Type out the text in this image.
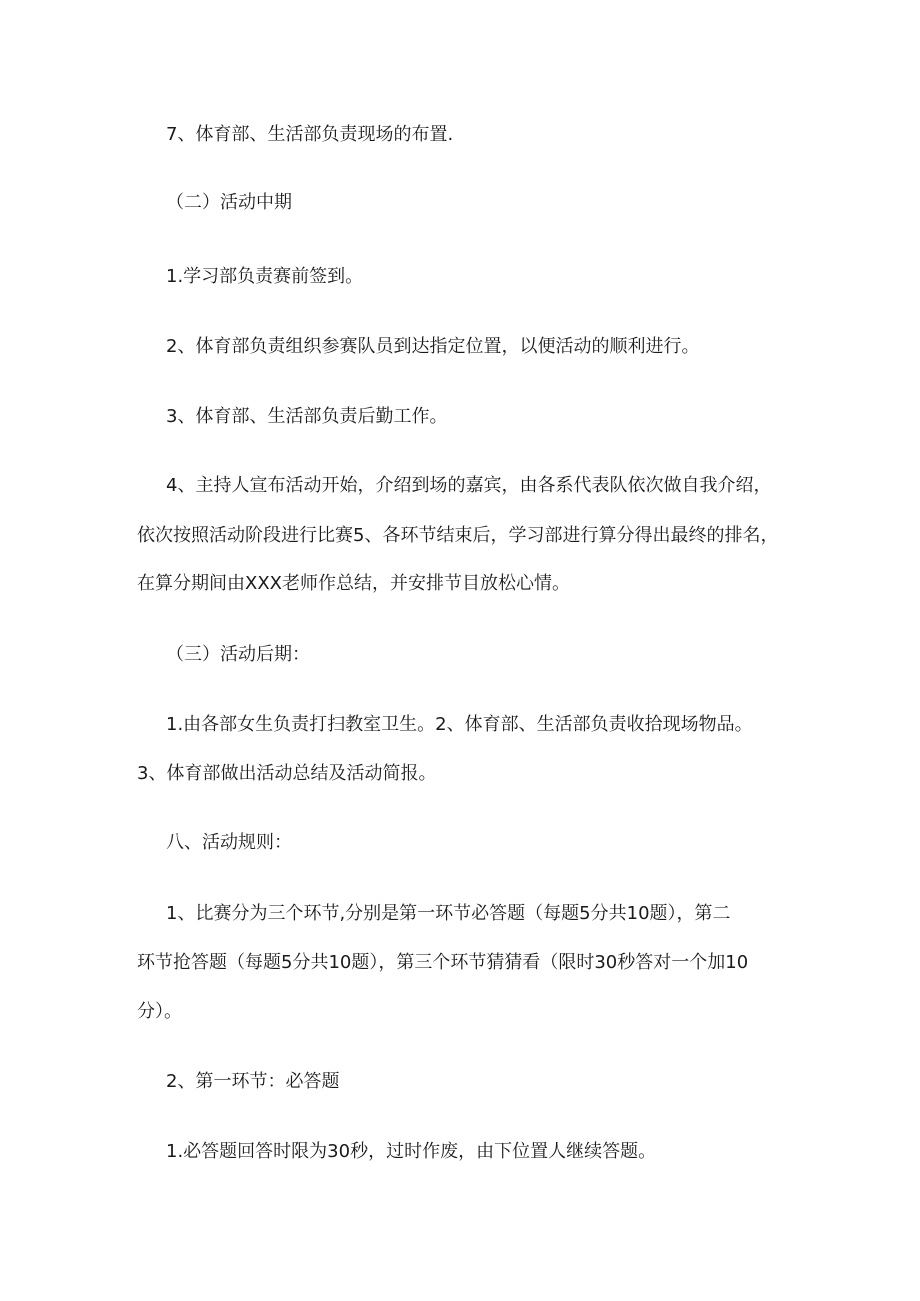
7、体育部、生活部负责现场的布置.
（二）活动中期
1.学习部负责赛前签到。
2、体育部负责组织参赛队员到达指定位置，以便活动的顺利进行。
3、体育部、生活部负责后勤工作。
4、主持人宣布活动开始，介绍到场的嘉宾，由各系代表队依次做自我介绍，
依次按照活动阶段进行比赛5、各环节结束后，学习部进行算分得出最终的排名，
在算分期间由XXX老师作总结，并安排节目放松心情。
（三）活动后期：
1.由各部女生负责打扫教室卫生。2、体育部、生活部负责收拾现场物品。
3、体育部做出活动总结及活动简报。
八、活动规则：
1、比赛分为三个环节,分别是第一环节必答题（每题5分共10题），第二
环节抢答题（每题5分共10题），第三个环节猜猜看（限时30秒答对一个加10
分）。
2、第一环节：必答题
1.必答题回答时限为30秒，过时作废，由下位置人继续答题。
